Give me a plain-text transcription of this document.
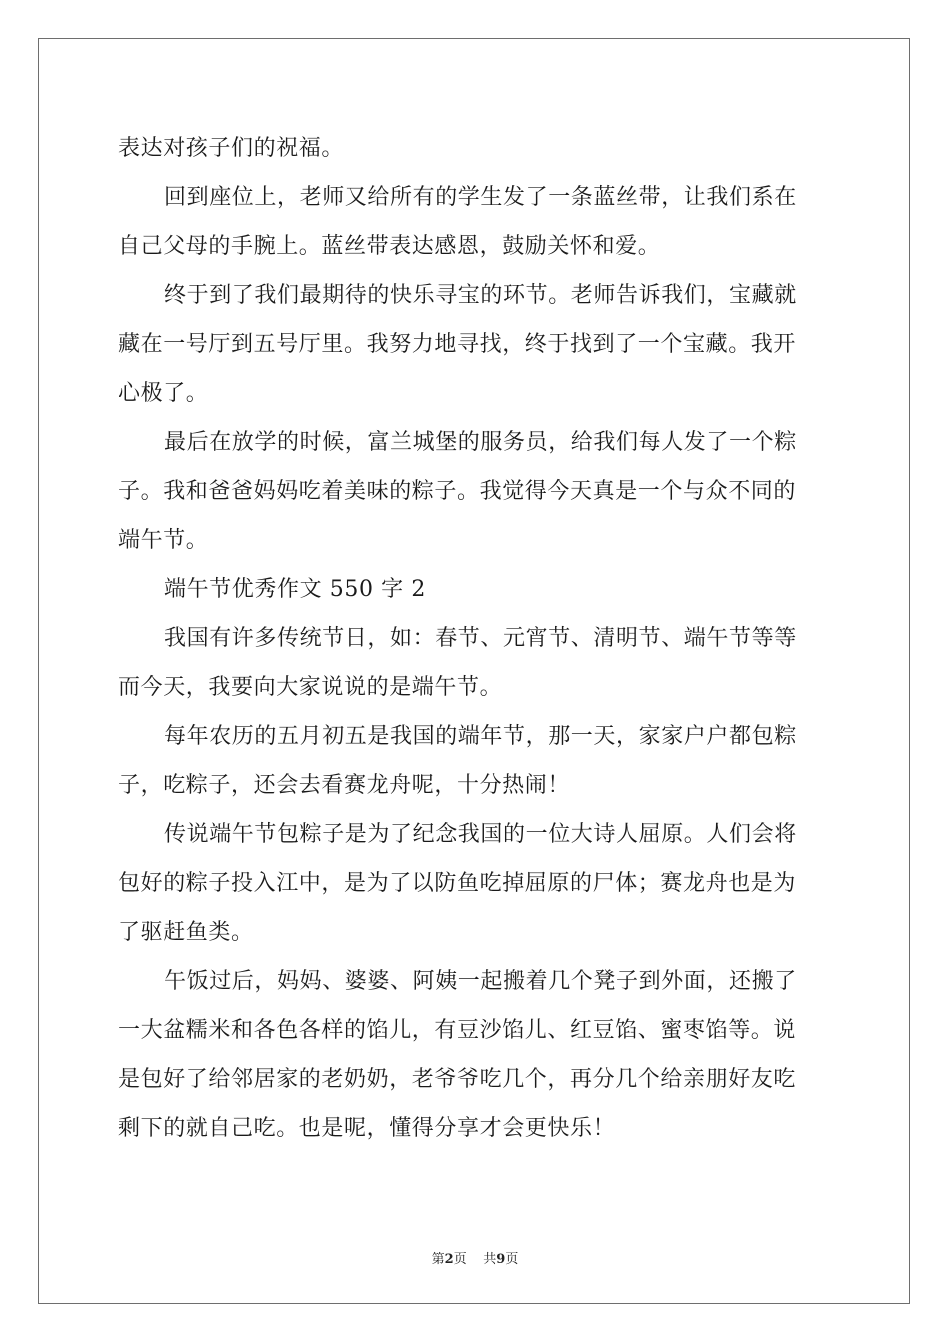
表达对孩子们的祝福。
回到座位上，老师又给所有的学生发了一条蓝丝带，让我们系在
自己父母的手腕上。蓝丝带表达感恩，鼓励关怀和爱。
终于到了我们最期待的快乐寻宝的环节。老师告诉我们，宝藏就
藏在一号厅到五号厅里。我努力地寻找，终于找到了一个宝藏。我开
心极了。
最后在放学的时候，富兰城堡的服务员，给我们每人发了一个粽
子。我和爸爸妈妈吃着美味的粽子。我觉得今天真是一个与众不同的
端午节。
端午节优秀作文 550 字 2
我国有许多传统节日，如：春节、元宵节、清明节、端午节等等
而今天，我要向大家说说的是端午节。
每年农历的五月初五是我国的端年节，那一天，家家户户都包粽
子，吃粽子，还会去看赛龙舟呢，十分热闹！
传说端午节包粽子是为了纪念我国的一位大诗人屈原。人们会将
包好的粽子投入江中，是为了以防鱼吃掉屈原的尸体；赛龙舟也是为
了驱赶鱼类。
午饭过后，妈妈、婆婆、阿姨一起搬着几个凳子到外面，还搬了
一大盆糯米和各色各样的馅儿，有豆沙馅儿、红豆馅、蜜枣馅等。说
是包好了给邻居家的老奶奶，老爷爷吃几个，再分几个给亲朋好友吃
剩下的就自己吃。也是呢，懂得分享才会更快乐！
第2页 共9页
